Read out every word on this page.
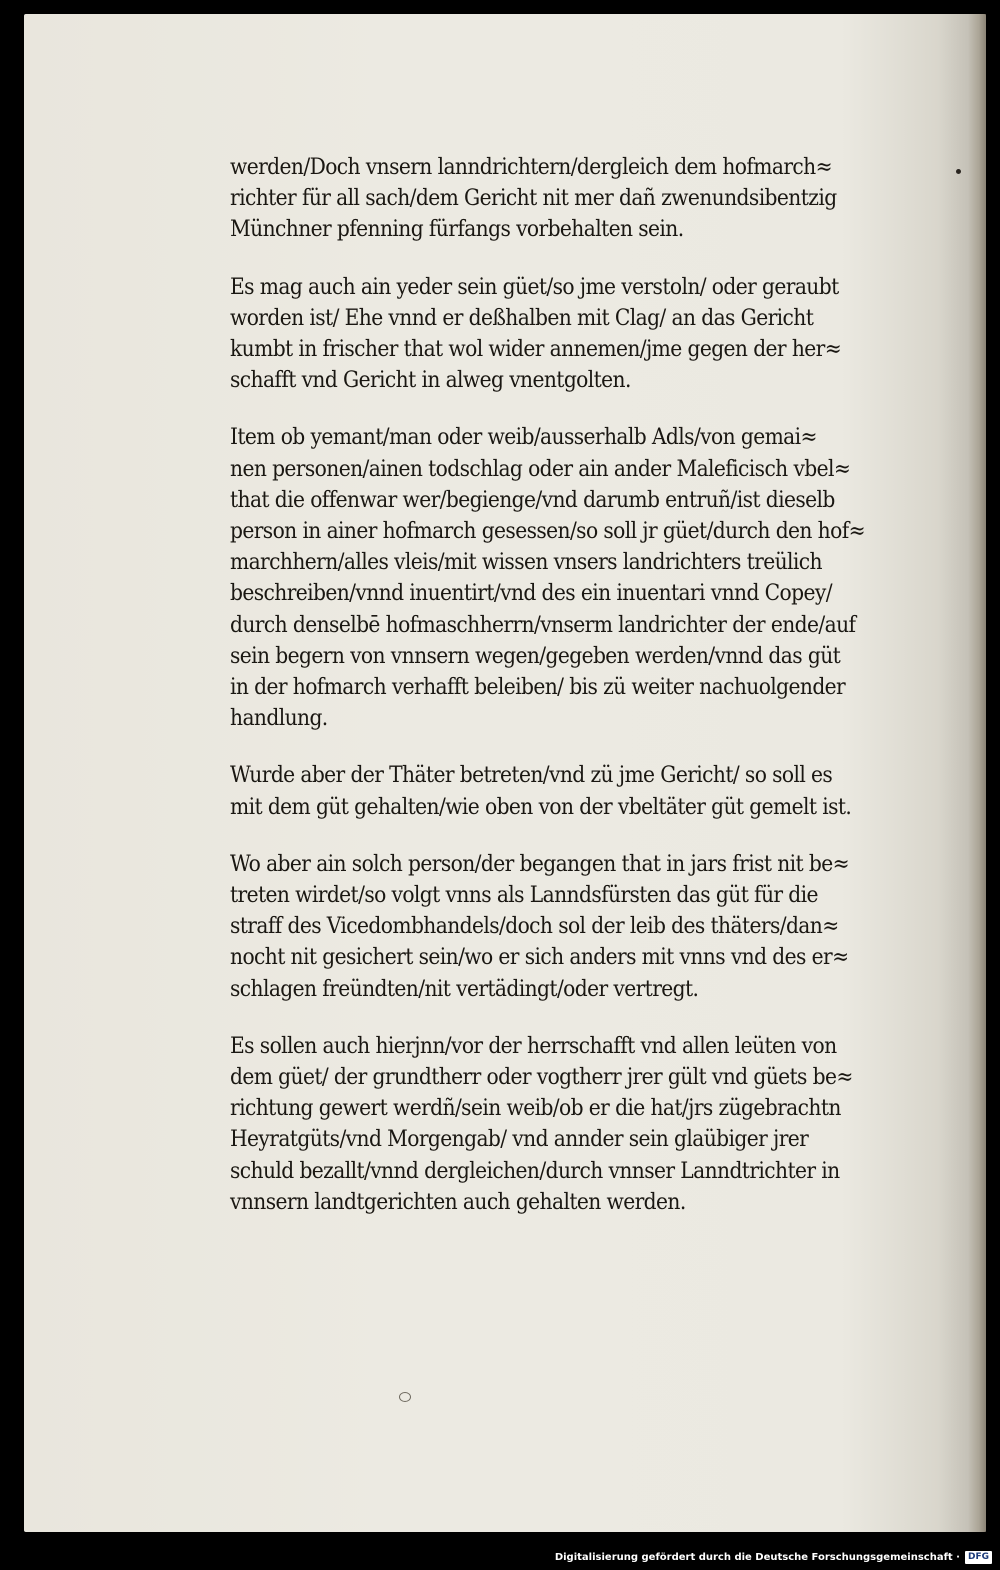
werden/Doch vnsern lanndrichtern/dergleich dem hofmarch≈
richter für all sach/dem Gericht nit mer dañ zwenundsibentzig
Münchner pfenning fürfangs vorbehalten sein.

Es mag auch ain yeder sein güet/so jme verstoln/ oder geraubt
worden ist/ Ehe vnnd er deßhalben mit Clag/ an das Gericht
kumbt in frischer that wol wider annemen/jme gegen der her≈
schafft vnd Gericht in alweg vnentgolten.

Item ob yemant/man oder weib/ausserhalb Adls/von gemai≈
nen personen/ainen todschlag oder ain ander Maleficisch vbel≈
that die offenwar wer/begienge/vnd darumb entruñ/ist dieselb
person in ainer hofmarch gesessen/so soll jr güet/durch den hof≈
marchhern/alles vleis/mit wissen vnsers landrichters treülich
beschreiben/vnnd inuentirt/vnd des ein inuentari vnnd Copey/
durch denselbē hofmaschherrn/vnserm landrichter der ende/auf
sein begern von vnnsern wegen/gegeben werden/vnnd das güt
in der hofmarch verhafft beleiben/ bis zü weiter nachuolgender
handlung.

Wurde aber der Thäter betreten/vnd zü jme Gericht/ so soll es
mit dem güt gehalten/wie oben von der vbeltäter güt gemelt ist.

Wo aber ain solch person/der begangen that in jars frist nit be≈
treten wirdet/so volgt vnns als Lanndsfürsten das güt für die
straff des Vicedombhandels/doch sol der leib des thäters/dan≈
nocht nit gesichert sein/wo er sich anders mit vnns vnd des er≈
schlagen freündten/nit vertädingt/oder vertregt.

Es sollen auch hierjnn/vor der herrschafft vnd allen leüten von
dem güet/ der grundtherr oder vogtherr jrer gült vnd güets be≈
richtung gewert werdñ/sein weib/ob er die hat/jrs zügebrachtn
Heyratgüts/vnd Morgengab/ vnd annder sein glaübiger jrer
schuld bezallt/vnnd dergleichen/durch vnnser Lanndtrichter in
vnnsern landtgerichten auch gehalten werden.

Digitalisierung gefördert durch die Deutsche Forschungsgemeinschaft · DFG
